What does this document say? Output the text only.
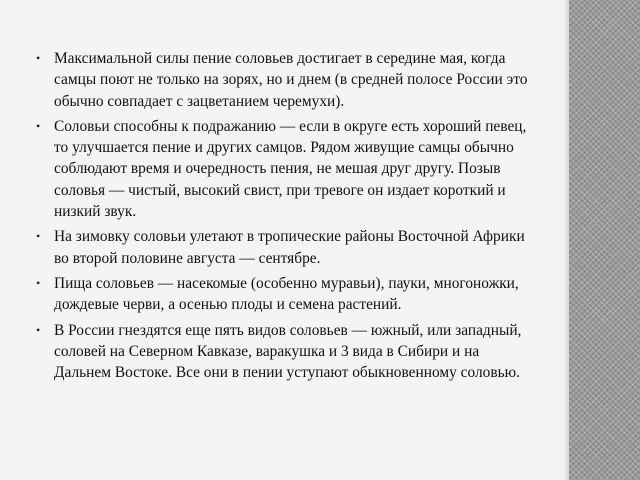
• Максимальной силы пение соловьев достигает в середине мая, когда самцы поют не только на зорях, но и днем (в средней полосе России это обычно совпадает с зацветанием черемухи).
• Соловьи способны к подражанию — если в округе есть хороший певец, то улучшается пение и других самцов. Рядом живущие самцы обычно соблюдают время и очередность пения, не мешая друг другу. Позыв соловья — чистый, высокий свист, при тревоге он издает короткий и низкий звук.
• На зимовку соловьи улетают в тропические районы Восточной Африки во второй половине августа — сентябре.
• Пища соловьев — насекомые (особенно муравьи), пауки, многоножки, дождевые черви, а осенью плоды и семена растений.
• В России гнездятся еще пять видов соловьев — южный, или западный, соловей на Северном Кавказе, варакушка и 3 вида в Сибири и на Дальнем Востоке. Все они в пении уступают обыкновенному соловью.
